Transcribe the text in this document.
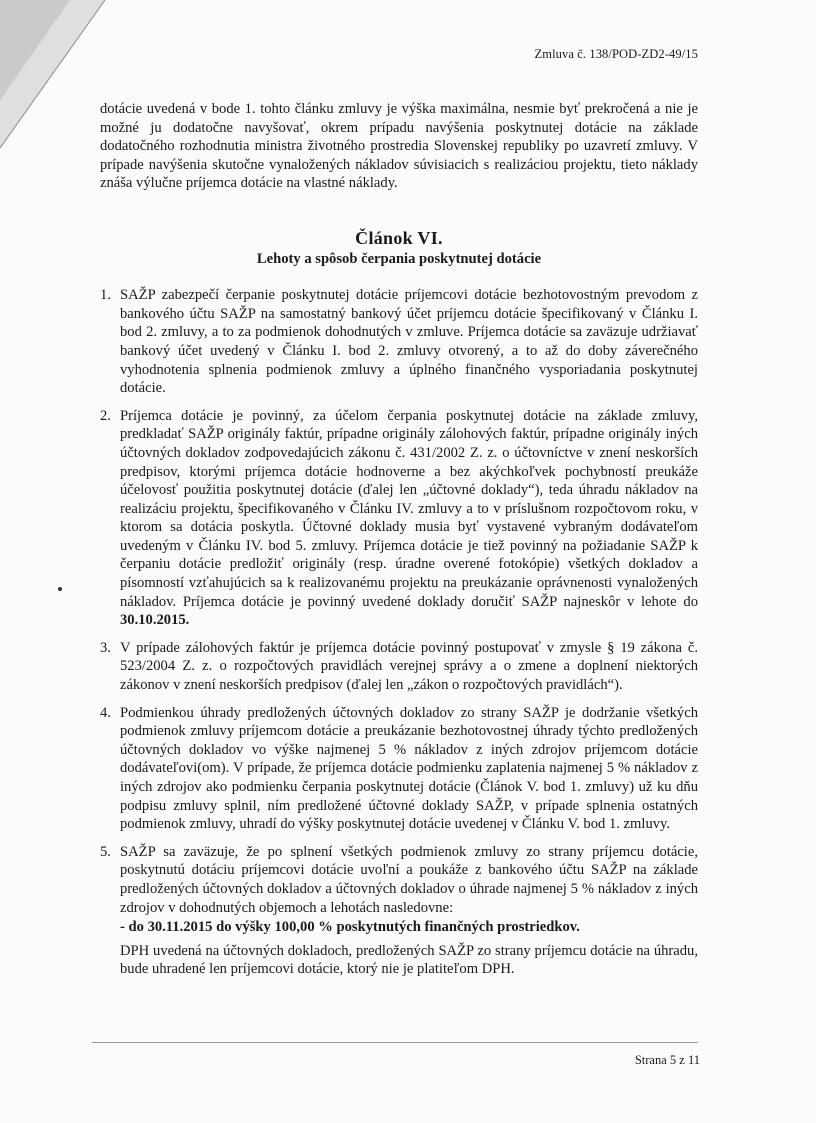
Zmluva č. 138/POD-ZD2-49/15

dotácie uvedená v bode 1. tohto článku zmluvy je výška maximálna, nesmie byť prekročená a nie je možné ju dodatočne navyšovať, okrem prípadu navýšenia poskytnutej dotácie na základe dodatočného rozhodnutia ministra životného prostredia Slovenskej republiky po uzavretí zmluvy. V prípade navýšenia skutočne vynaložených nákladov súvisiacich s realizáciou projektu, tieto náklady znáša výlučne príjemca dotácie na vlastné náklady.

Článok VI.
Lehoty a spôsob čerpania poskytnutej dotácie
1. SAŽP zabezpečí čerpanie poskytnutej dotácie príjemcovi dotácie bezhotovostným prevodom z bankového účtu SAŽP na samostatný bankový účet príjemcu dotácie špecifikovaný v Článku I. bod 2. zmluvy, a to za podmienok dohodnutých v zmluve. Príjemca dotácie sa zaväzuje udržiavať bankový účet uvedený v Článku I. bod 2. zmluvy otvorený, a to až do doby záverečného vyhodnotenia splnenia podmienok zmluvy a úplného finančného vysporiadania poskytnutej dotácie.
2. Príjemca dotácie je povinný, za účelom čerpania poskytnutej dotácie na základe zmluvy, predkladať SAŽP originály faktúr, prípadne originály zálohových faktúr, prípadne originály iných účtovných dokladov zodpovedajúcich zákonu č. 431/2002 Z. z. o účtovníctve v znení neskorších predpisov, ktorými príjemca dotácie hodnoverne a bez akýchkoľvek pochybností preukáže účelovosť použitia poskytnutej dotácie (ďalej len „účtovné doklady“), teda úhradu nákladov na realizáciu projektu, špecifikovaného v Článku IV. zmluvy a to v príslušnom rozpočtovom roku, v ktorom sa dotácia poskytla. Účtovné doklady musia byť vystavené vybraným dodávateľom uvedeným v Článku IV. bod 5. zmluvy. Príjemca dotácie je tiež povinný na požiadanie SAŽP k čerpaniu dotácie predložiť originály (resp. úradne overené fotokópie) všetkých dokladov a písomností vzťahujúcich sa k realizovanému projektu na preukázanie oprávnenosti vynaložených nákladov. Príjemca dotácie je povinný uvedené doklady doručiť SAŽP najneskôr v lehote do 30.10.2015.
3. V prípade zálohových faktúr je príjemca dotácie povinný postupovať v zmysle § 19 zákona č. 523/2004 Z. z. o rozpočtových pravidlách verejnej správy a o zmene a doplnení niektorých zákonov v znení neskorších predpisov (ďalej len „zákon o rozpočtových pravidlách“).
4. Podmienkou úhrady predložených účtovných dokladov zo strany SAŽP je dodržanie všetkých podmienok zmluvy príjemcom dotácie a preukázanie bezhotovostnej úhrady týchto predložených účtovných dokladov vo výške najmenej 5 % nákladov z iných zdrojov príjemcom dotácie dodávateľovi(om). V prípade, že príjemca dotácie podmienku zaplatenia najmenej 5 % nákladov z iných zdrojov ako podmienku čerpania poskytnutej dotácie (Článok V. bod 1. zmluvy) už ku dňu podpisu zmluvy splnil, ním predložené účtovné doklady SAŽP, v prípade splnenia ostatných podmienok zmluvy, uhradí do výšky poskytnutej dotácie uvedenej v Článku V. bod 1. zmluvy.
5. SAŽP sa zaväzuje, že po splnení všetkých podmienok zmluvy zo strany príjemcu dotácie, poskytnutú dotáciu príjemcovi dotácie uvoľní a poukáže z bankového účtu SAŽP na základe predložených účtovných dokladov a účtovných dokladov o úhrade najmenej 5 % nákladov z iných zdrojov v dohodnutých objemoch a lehotách nasledovne:
- do 30.11.2015 do výšky 100,00 % poskytnutých finančných prostriedkov.
DPH uvedená na účtovných dokladoch, predložených SAŽP zo strany príjemcu dotácie na úhradu, bude uhradené len príjemcovi dotácie, ktorý nie je platiteľom DPH.
Strana 5 z 11
